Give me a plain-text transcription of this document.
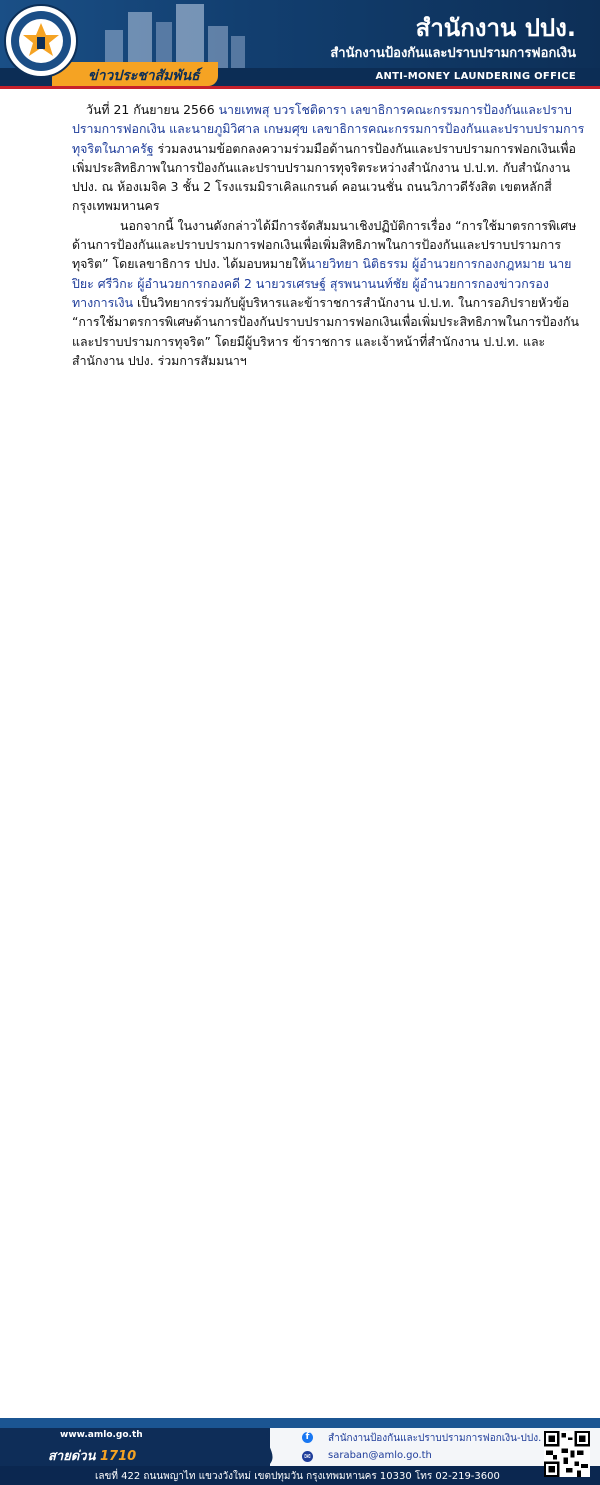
ข่าวประชาสัมพันธ์
สำนักงาน ปปง.
สำนักงานป้องกันและปราบปรามการฟอกเงิน
ANTI-MONEY LAUNDERING OFFICE

วันที่ 21 กันยายน 2566 นายเทพสุ บวรโชติดารา เลขาธิการคณะกรรมการป้องกันและปราบปรามการฟอกเงิน และนายภูมิวิศาล เกษมศุข เลขาธิการคณะกรรมการป้องกันและปราบปรามการทุจริตในภาครัฐ ร่วมลงนามข้อตกลงความร่วมมือด้านการป้องกันและปราบปรามการฟอกเงินเพื่อเพิ่มประสิทธิภาพในการป้องกันและปราบปรามการทุจริตระหว่างสำนักงาน ป.ป.ท. กับสำนักงาน ปปง. ณ ห้องเมจิค 3 ชั้น 2 โรงแรมมิราเคิลแกรนด์ คอนเวนชั่น ถนนวิภาวดีรังสิต เขตหลักสี่ กรุงเทพมหานคร

นอกจากนี้ ในงานดังกล่าวได้มีการจัดสัมมนาเชิงปฏิบัติการเรื่อง “การใช้มาตรการพิเศษด้านการป้องกันและปราบปรามการฟอกเงินเพื่อเพิ่มสิทธิภาพในการป้องกันและปราบปรามการทุจริต” โดยเลขาธิการ ปปง. ได้มอบหมายให้นายวิทยา นิติธรรม ผู้อำนวยการกองกฎหมาย นายปิยะ ศรีวิกะ ผู้อำนวยการกองคดี 2 นายวรเศรษฐ์ สุรพนานนท์ชัย ผู้อำนวยการกองข่าวกรองทางการเงิน เป็นวิทยากรร่วมกับผู้บริหารและข้าราชการสำนักงาน ป.ป.ท. ในการอภิปรายหัวข้อ “การใช้มาตรการพิเศษด้านการป้องกันปราบปรามการฟอกเงินเพื่อเพิ่มประสิทธิภาพในการป้องกันและปราบปรามการทุจริต” โดยมีผู้บริหาร ข้าราชการ และเจ้าหน้าที่สำนักงาน ป.ป.ท. และสำนักงาน ปปง. ร่วมการสัมมนาฯ

www.amlo.go.th
สายด่วน 1710
f	สำนักงานป้องกันและปราบปรามการฟอกเงิน-ปปง.
✉ saraban@amlo.go.th
เลขที่ 422 ถนนพญาไท แขวงวังใหม่ เขตปทุมวัน กรุงเทพมหานคร 10330 โทร 02-219-3600
